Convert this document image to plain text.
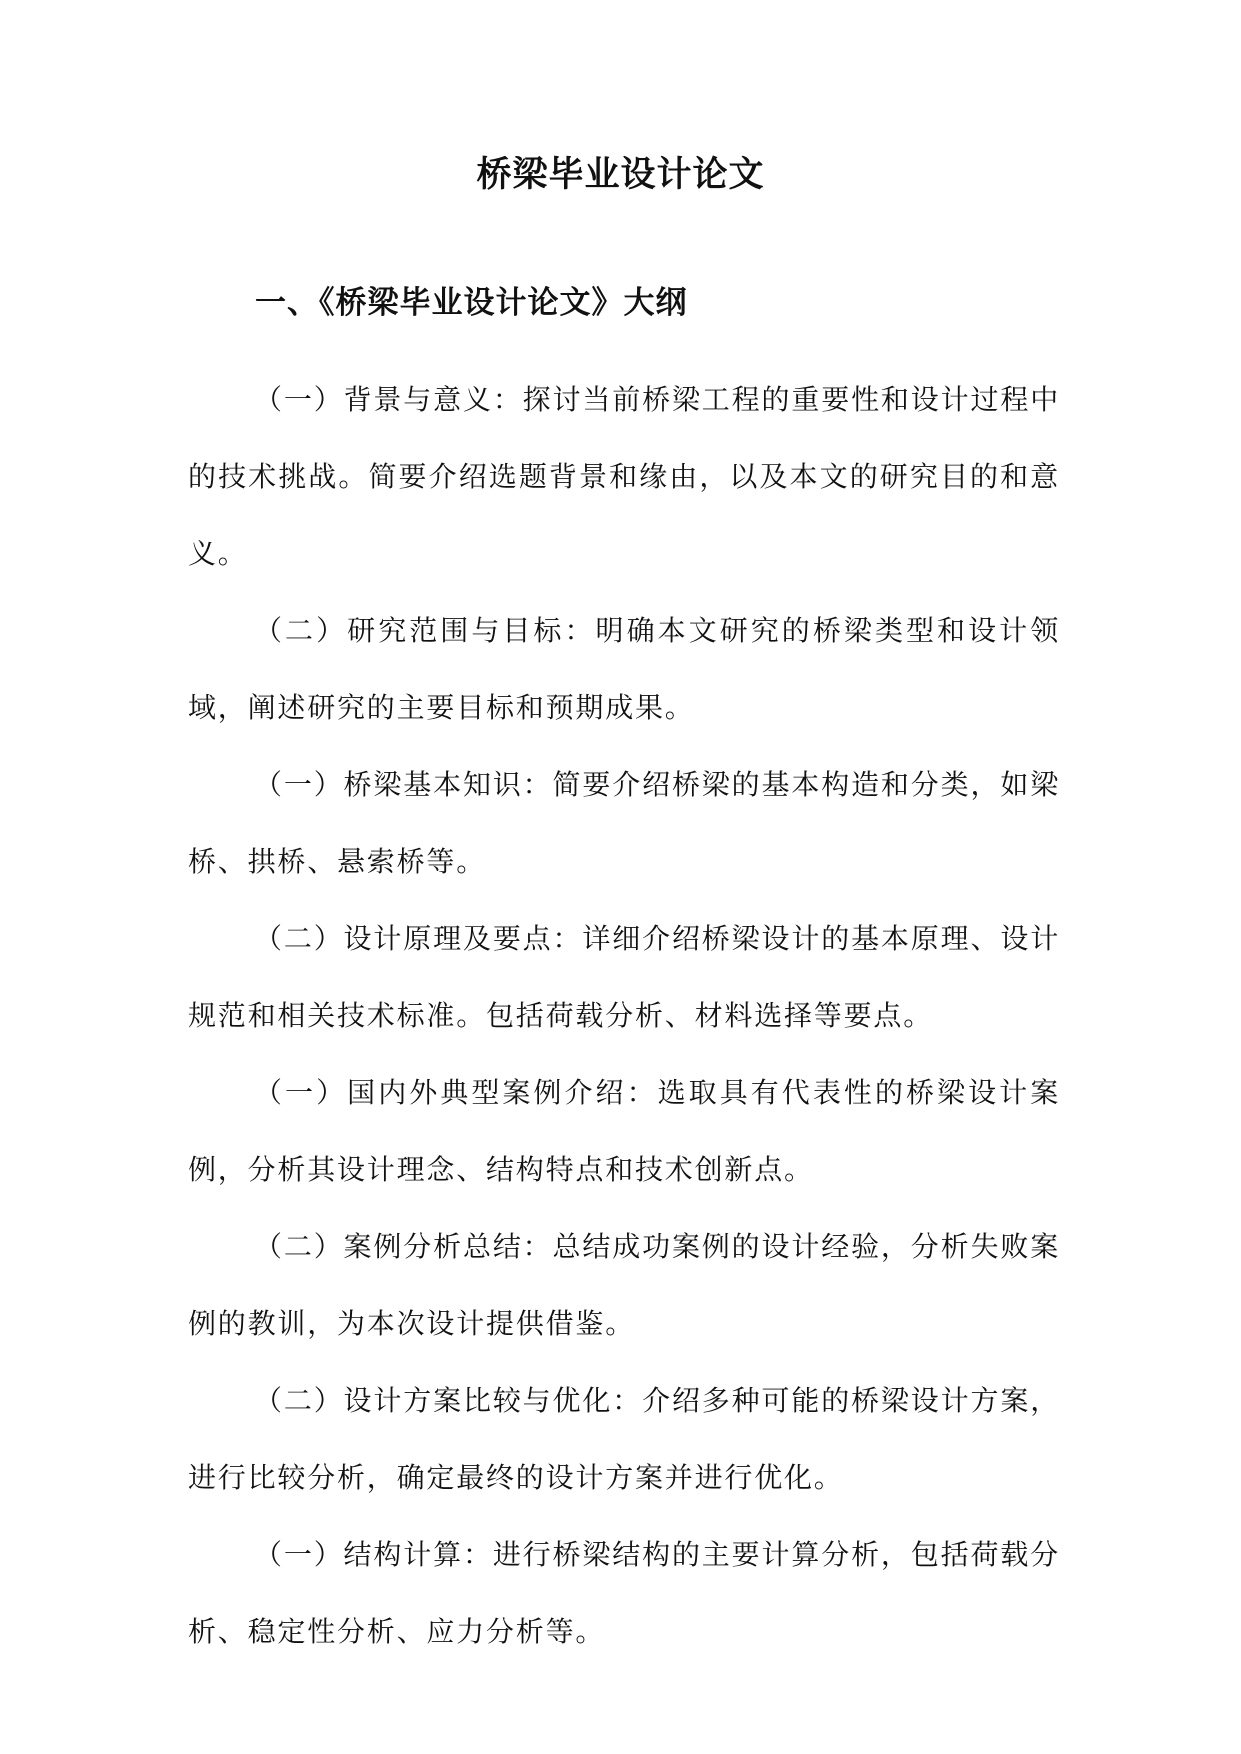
桥梁毕业设计论文
一、《桥梁毕业设计论文》大纲

（一）背景与意义：探讨当前桥梁工程的重要性和设计过程中的技术挑战。简要介绍选题背景和缘由，以及本文的研究目的和意义。

（二）研究范围与目标：明确本文研究的桥梁类型和设计领域，阐述研究的主要目标和预期成果。

（一）桥梁基本知识：简要介绍桥梁的基本构造和分类，如梁桥、拱桥、悬索桥等。

（二）设计原理及要点：详细介绍桥梁设计的基本原理、设计规范和相关技术标准。包括荷载分析、材料选择等要点。

（一）国内外典型案例介绍：选取具有代表性的桥梁设计案例，分析其设计理念、结构特点和技术创新点。

（二）案例分析总结：总结成功案例的设计经验，分析失败案例的教训，为本次设计提供借鉴。

（二）设计方案比较与优化：介绍多种可能的桥梁设计方案，进行比较分析，确定最终的设计方案并进行优化。

（一）结构计算：进行桥梁结构的主要计算分析，包括荷载分析、稳定性分析、应力分析等。
